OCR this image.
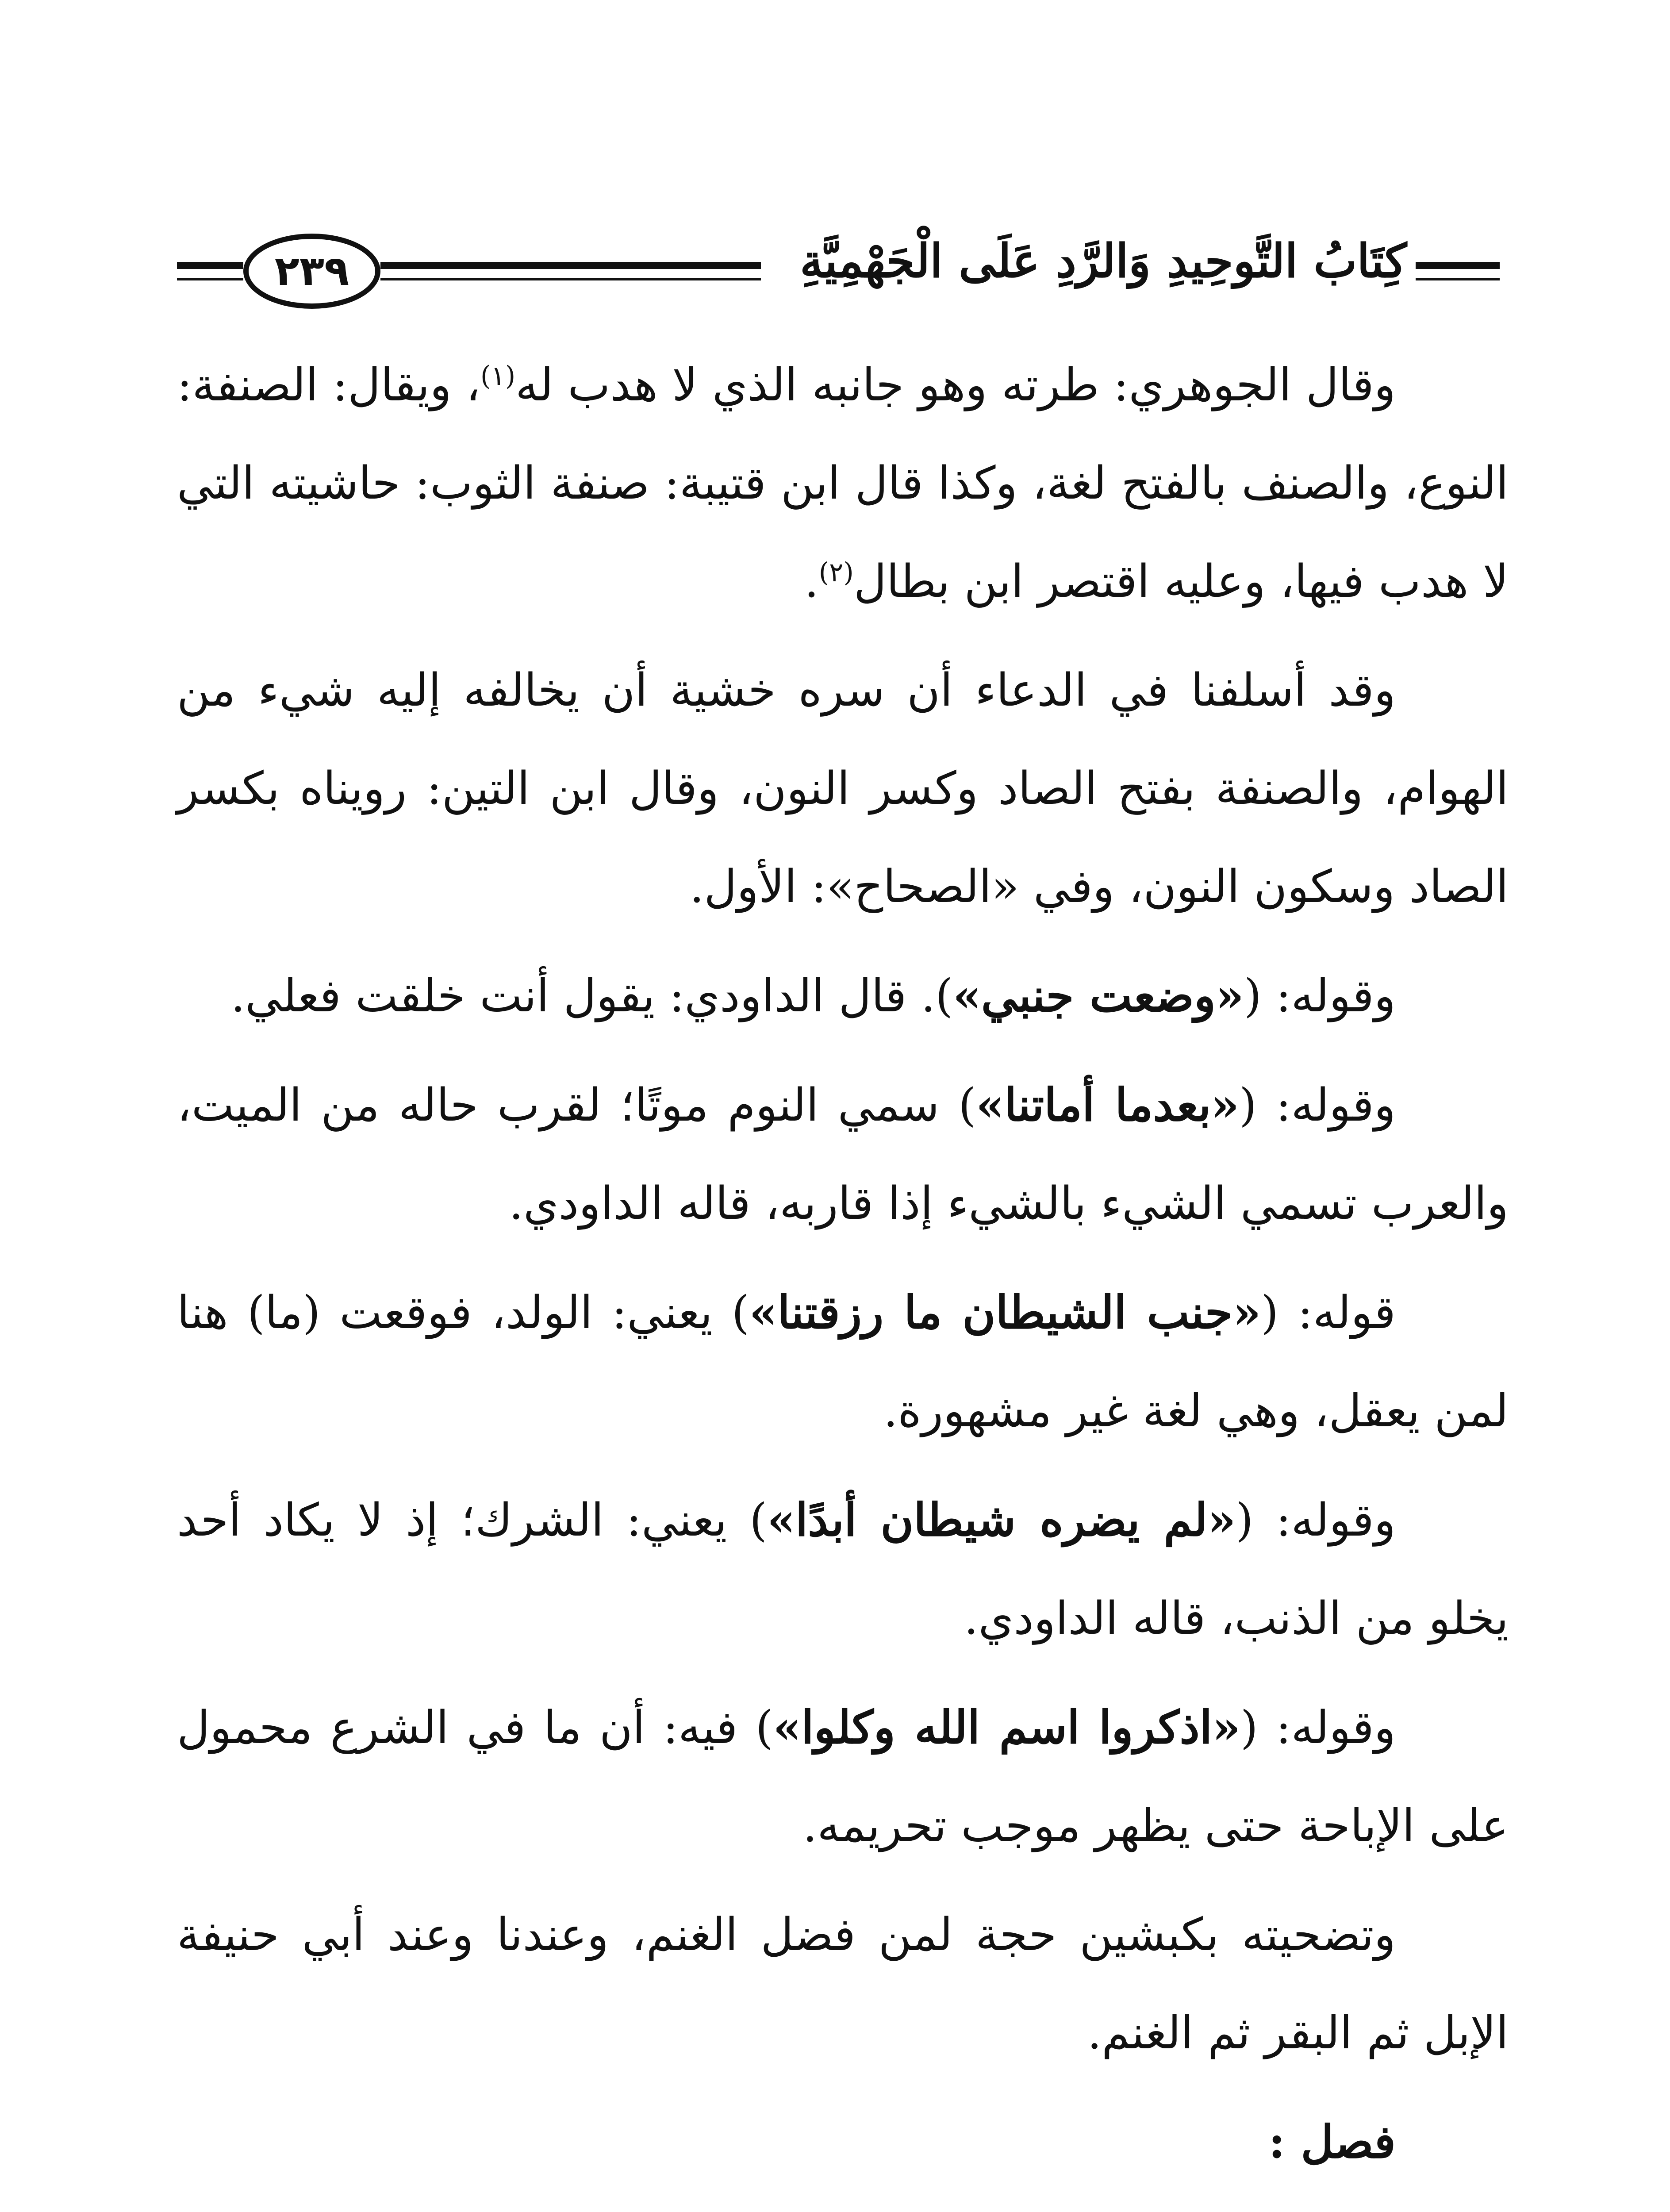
كِتَابُ التَّوحِيدِ وَالرَّدِ عَلَى الْجَهْمِيَّةِ
٢٣٩

وقال الجوهري: طرته وهو جانبه الذي لا هدب له$^{(١)}$، ويقال: الصنفة: النوع، والصنف بالفتح لغة، وكذا قال ابن قتيبة: صنفة الثوب: حاشيته التي لا هدب فيها، وعليه اقتصر ابن بطال$^{(٢)}$.

وقد أسلفنا في الدعاء أن سره خشية أن يخالفه إليه شيء من الهوام، والصنفة بفتح الصاد وكسر النون، وقال ابن التين: رويناه بكسر الصاد وسكون النون، وفي «الصحاح»: الأول.

وقوله: («وضعت جنبي»). قال الداودي: يقول أنت خلقت فعلي.

وقوله: («بعدما أماتنا») سمي النوم موتًا؛ لقرب حاله من الميت، والعرب تسمي الشيء بالشيء إذا قاربه، قاله الداودي.

قوله: («جنب الشيطان ما رزقتنا») يعني: الولد، فوقعت (ما) هنا لمن يعقل، وهي لغة غير مشهورة.

وقوله: («لم يضره شيطان أبدًا») يعني: الشرك؛ إذ لا يكاد أحد يخلو من الذنب، قاله الداودي.

وقوله: («اذكروا اسم الله وكلوا») فيه: أن ما في الشرع محمول على الإباحة حتى يظهر موجب تحريمه.

وتضحيته بكبشين حجة لمن فضل الغنم، وعندنا وعند أبي حنيفة الإبل ثم البقر ثم الغنم.

فصل :
